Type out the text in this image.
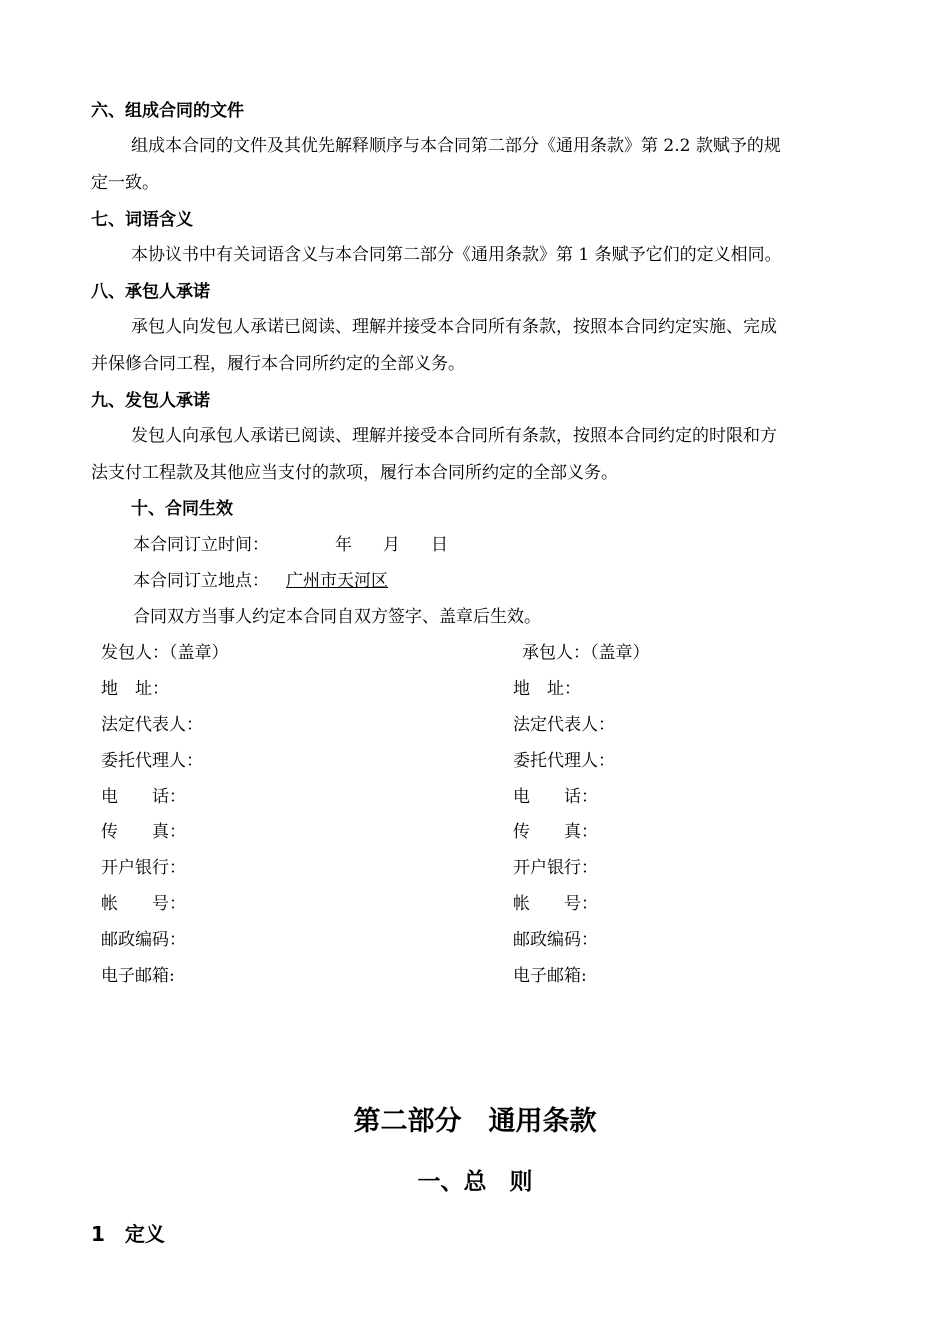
六、组成合同的文件
组成本合同的文件及其优先解释顺序与本合同第二部分《通用条款》第 2.2 款赋予的规
定一致。
七、词语含义
本协议书中有关词语含义与本合同第二部分《通用条款》第 1 条赋予它们的定义相同。
八、承包人承诺
承包人向发包人承诺已阅读、理解并接受本合同所有条款，按照本合同约定实施、完成
并保修合同工程，履行本合同所约定的全部义务。
九、发包人承诺
发包人向承包人承诺已阅读、理解并接受本合同所有条款，按照本合同约定的时限和方
法支付工程款及其他应当支付的款项，履行本合同所约定的全部义务。
十、合同生效
本合同订立时间：	年 月 日
本合同订立地点： 广州市天河区
合同双方当事人约定本合同自双方签字、盖章后生效。
发包人：（盖章）	承包人：（盖章）
地　址：	地　址：
法定代表人：	法定代表人：
委托代理人：	委托代理人：
电　　话：	电　　话：
传　　真：	传　　真：
开户银行：	开户银行：
帐　　号：	帐　　号：
邮政编码：	邮政编码：
电子邮箱:	电子邮箱:
第二部分　通用条款
一、总　则
1　定义
